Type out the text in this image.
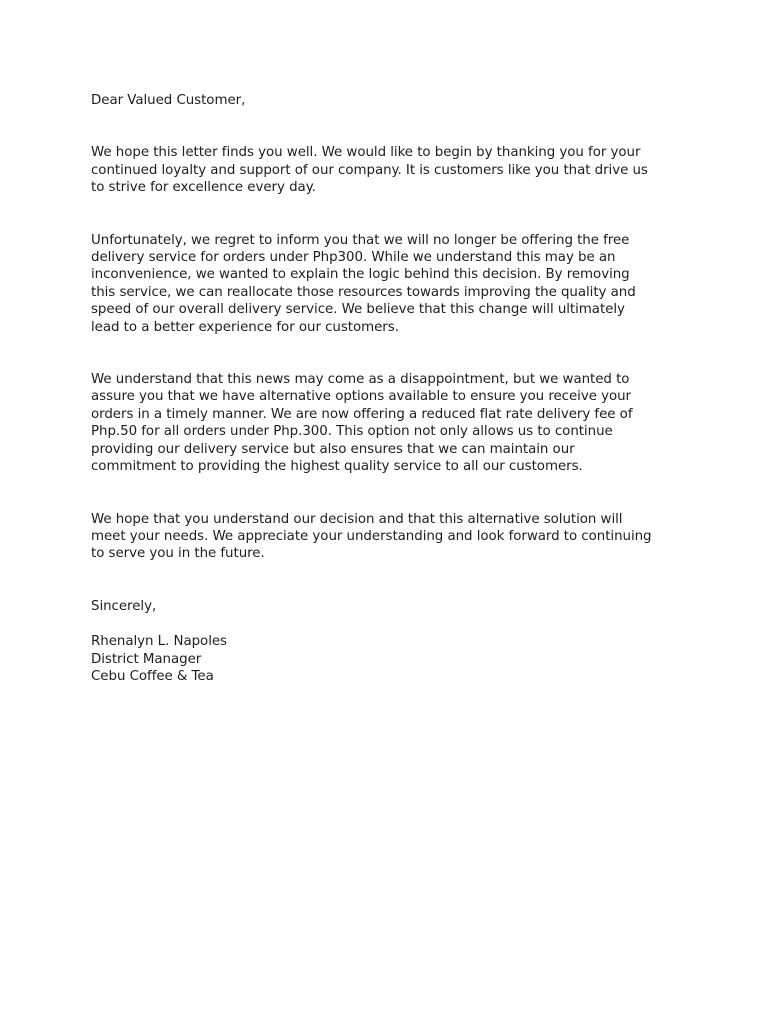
Dear Valued Customer,
We hope this letter finds you well. We would like to begin by thanking you for your
continued loyalty and support of our company. It is customers like you that drive us
to strive for excellence every day.
Unfortunately, we regret to inform you that we will no longer be offering the free
delivery service for orders under Php300. While we understand this may be an
inconvenience, we wanted to explain the logic behind this decision. By removing
this service, we can reallocate those resources towards improving the quality and
speed of our overall delivery service. We believe that this change will ultimately
lead to a better experience for our customers.
We understand that this news may come as a disappointment, but we wanted to
assure you that we have alternative options available to ensure you receive your
orders in a timely manner. We are now offering a reduced flat rate delivery fee of
Php.50 for all orders under Php.300. This option not only allows us to continue
providing our delivery service but also ensures that we can maintain our
commitment to providing the highest quality service to all our customers.
We hope that you understand our decision and that this alternative solution will
meet your needs. We appreciate your understanding and look forward to continuing
to serve you in the future.
Sincerely,
Rhenalyn L. Napoles
District Manager
Cebu Coffee & Tea
